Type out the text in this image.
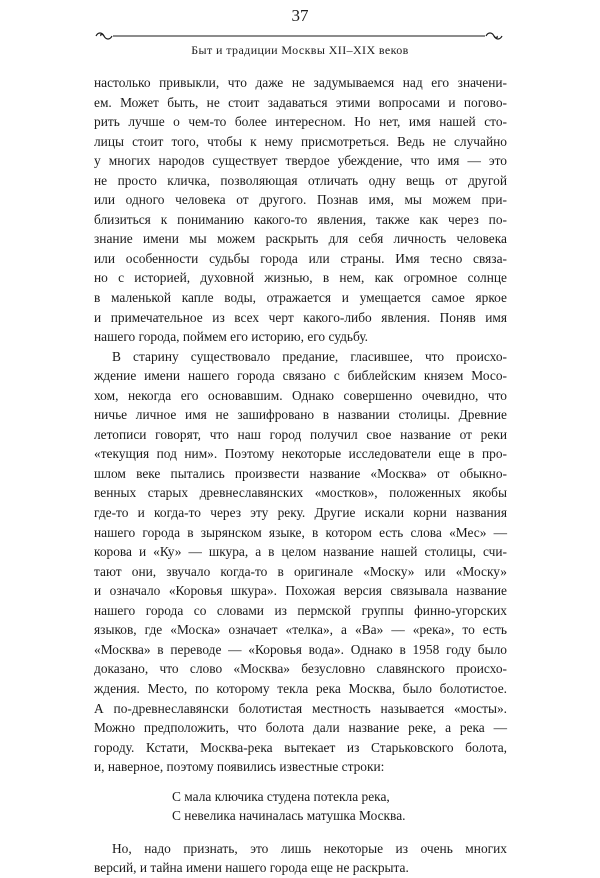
37
Быт и традиции Москвы XII–XIX веков
настолько привыкли, что даже не задумываемся над его значени-
ем. Может быть, не стоит задаваться этими вопросами и погово-
рить лучше о чем-то более интересном. Но нет, имя нашей сто-
лицы стоит того, чтобы к нему присмотреться. Ведь не случайно
у многих народов существует твердое убеждение, что имя — это
не просто кличка, позволяющая отличать одну вещь от другой
или одного человека от другого. Познав имя, мы можем при-
близиться к пониманию какого-то явления, также как через по-
знание имени мы можем раскрыть для себя личность человека
или особенности судьбы города или страны. Имя тесно связа-
но с историей, духовной жизнью, в нем, как огромное солнце
в маленькой капле воды, отражается и умещается самое яркое
и примечательное из всех черт какого-либо явления. Поняв имя
нашего города, поймем его историю, его судьбу.
В старину существовало предание, гласившее, что происхо-
ждение имени нашего города связано с библейским князем Мосо-
хом, некогда его основавшим. Однако совершенно очевидно, что
ничье личное имя не зашифровано в названии столицы. Древние
летописи говорят, что наш город получил свое название от реки
«текущия под ним». Поэтому некоторые исследователи еще в про-
шлом веке пытались произвести название «Москва» от обыкно-
венных старых древнеславянских «мостков», положенных якобы
где-то и когда-то через эту реку. Другие искали корни названия
нашего города в зырянском языке, в котором есть слова «Мес» —
корова и «Ку» — шкура, а в целом название нашей столицы, счи-
тают они, звучало когда-то в оригинале «Моску» или «Моску»
и означало «Коровья шкура». Похожая версия связывала название
нашего города со словами из пермской группы финно-угорских
языков, где «Моска» означает «телка», а «Ва» — «река», то есть
«Москва» в переводе — «Коровья вода». Однако в 1958 году было
доказано, что слово «Москва» безусловно славянского происхо-
ждения. Место, по которому текла река Москва, было болотистое.
А по-древнеславянски болотистая местность называется «мосты».
Можно предположить, что болота дали название реке, а река —
городу. Кстати, Москва-река вытекает из Старьковского болота,
и, наверное, поэтому появились известные строки:
С мала ключика студена потекла река,
С невелика начиналась матушка Москва.
Но, надо признать, это лишь некоторые из очень многих
версий, и тайна имени нашего города еще не раскрыта.
